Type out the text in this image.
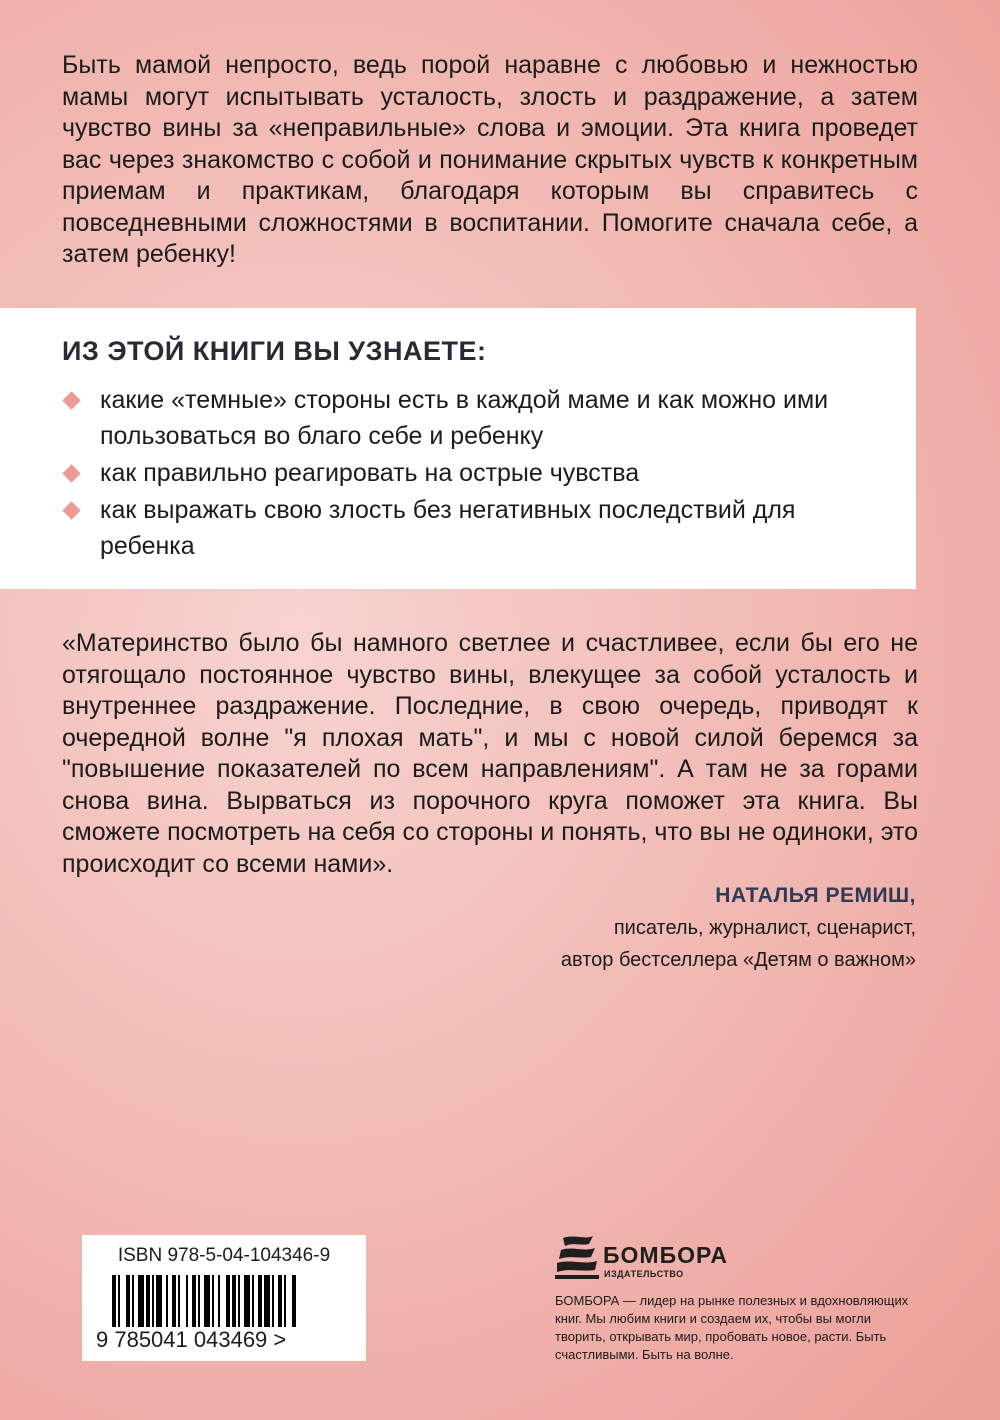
Быть мамой непросто, ведь порой наравне с любовью и нежностью мамы могут испытывать усталость, злость и раздражение, а затем чувство вины за «неправильные» слова и эмоции. Эта книга проведет вас через знакомство с собой и понимание скрытых чувств к конкретным приемам и практикам, благодаря которым вы справитесь с повседневными сложностями в воспитании. Помогите сначала себе, а затем ребенку!
ИЗ ЭТОЙ КНИГИ ВЫ УЗНАЕТЕ:
какие «темные» стороны есть в каждой маме и как можно ими пользоваться во благо себе и ребенку
как правильно реагировать на острые чувства
как выражать свою злость без негативных последствий для ребенка
«Материнство было бы намного светлее и счастливее, если бы его не отягощало постоянное чувство вины, влекущее за собой усталость и внутреннее раздражение. Последние, в свою очередь, приводят к очередной волне "я плохая мать", и мы с новой силой беремся за "повышение показателей по всем направлениям". А там не за горами снова вина. Вырваться из порочного круга поможет эта книга. Вы сможете посмотреть на себя со стороны и понять, что вы не одиноки, это происходит со всеми нами».
НАТАЛЬЯ РЕМИШ,
писатель, журналист, сценарист,
автор бестселлера «Детям о важном»
ISBN 978-5-04-104346-9
9 785041 043469 >
БОМБОРА
ИЗДАТЕЛЬСТВО
БОМБОРА — лидер на рынке полезных и вдохновляющих книг. Мы любим книги и создаем их, чтобы вы могли творить, открывать мир, пробовать новое, расти. Быть счастливыми. Быть на волне.
